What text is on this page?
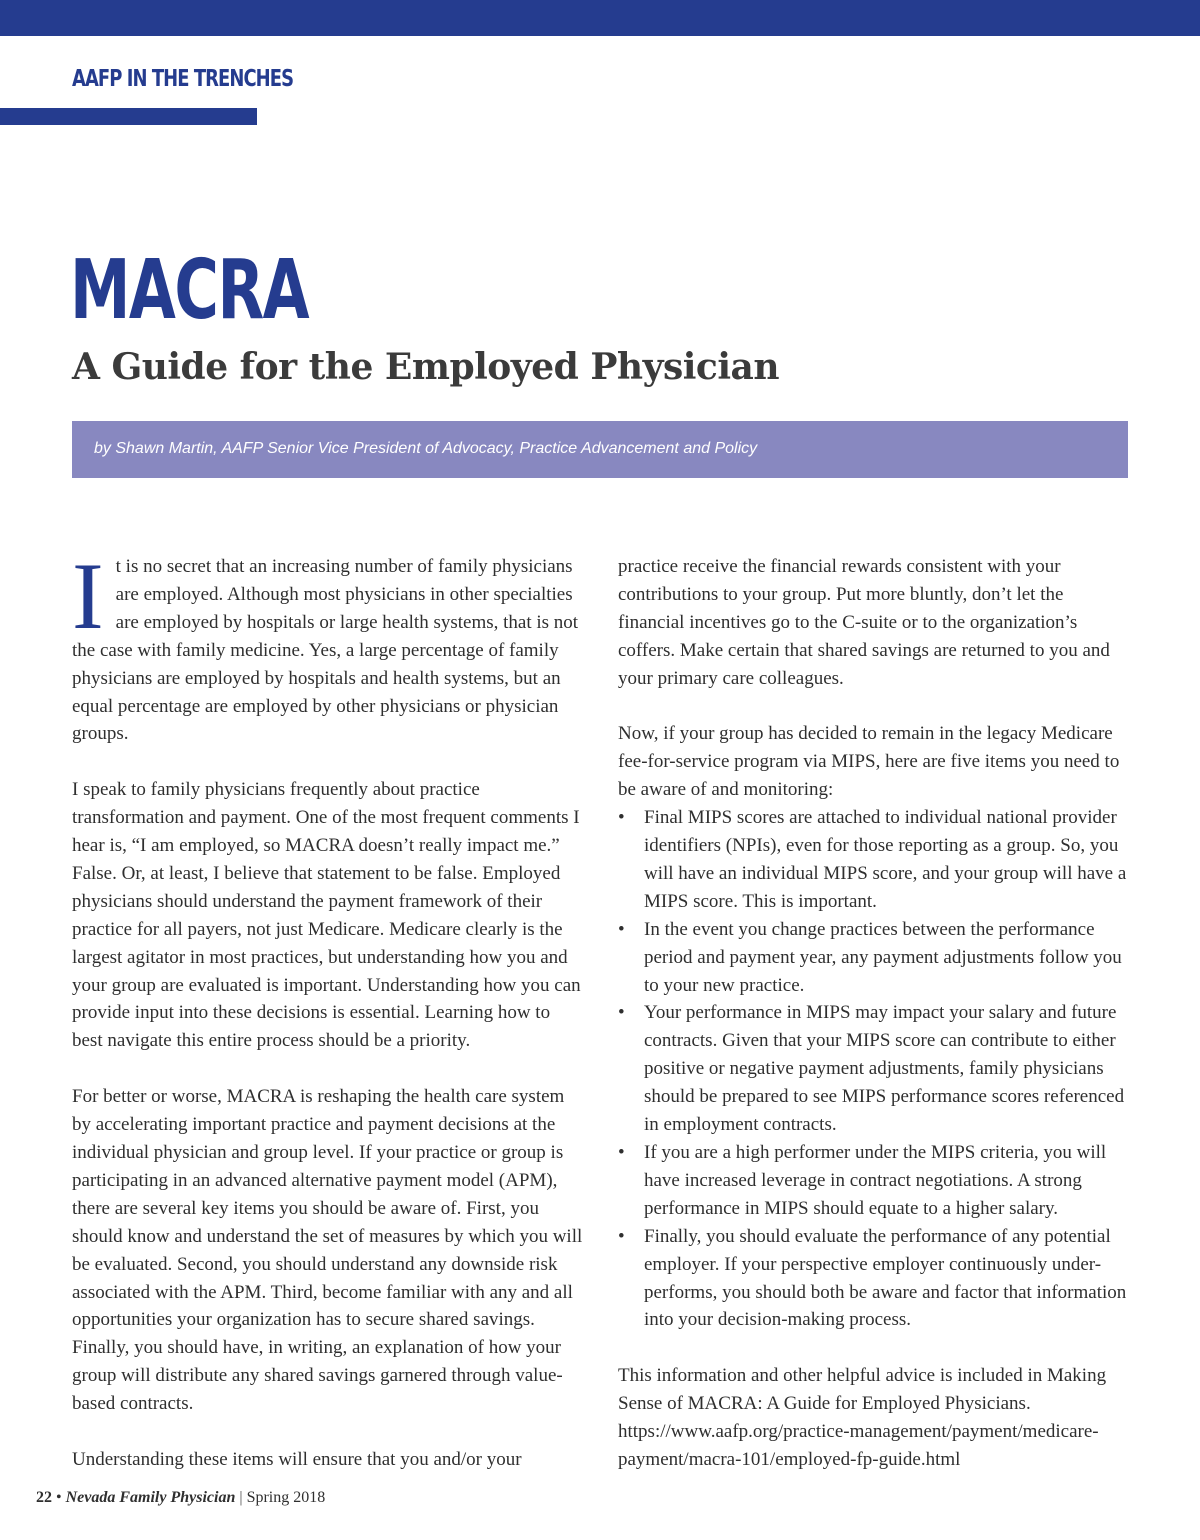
AAFP IN THE TRENCHES
MACRA
A Guide for the Employed Physician
by Shawn Martin, AAFP Senior Vice President of Advocacy, Practice Advancement and Policy

It is no secret that an increasing number of family physicians are employed. Although most physicians in other specialties are employed by hospitals or large health systems, that is not the case with family medicine. Yes, a large percentage of family physicians are employed by hospitals and health systems, but an equal percentage are employed by other physicians or physician groups.

I speak to family physicians frequently about practice transformation and payment. One of the most frequent comments I hear is, “I am employed, so MACRA doesn’t really impact me.” False. Or, at least, I believe that statement to be false. Employed physicians should understand the payment framework of their practice for all payers, not just Medicare. Medicare clearly is the largest agitator in most practices, but understanding how you and your group are evaluated is important. Understanding how you can provide input into these decisions is essential. Learning how to best navigate this entire process should be a priority.

For better or worse, MACRA is reshaping the health care system by accelerating important practice and payment decisions at the individual physician and group level. If your practice or group is participating in an advanced alternative payment model (APM), there are several key items you should be aware of. First, you should know and understand the set of measures by which you will be evaluated. Second, you should understand any downside risk associated with the APM. Third, become familiar with any and all opportunities your organization has to secure shared savings. Finally, you should have, in writing, an explanation of how your group will distribute any shared savings garnered through value-based contracts.

Understanding these items will ensure that you and/or your

practice receive the financial rewards consistent with your contributions to your group. Put more bluntly, don’t let the financial incentives go to the C-suite or to the organization’s coffers. Make certain that shared savings are returned to you and your primary care colleagues.

Now, if your group has decided to remain in the legacy Medicare fee-for-service program via MIPS, here are five items you need to be aware of and monitoring:

• Final MIPS scores are attached to individual national provider identifiers (NPIs), even for those reporting as a group. So, you will have an individual MIPS score, and your group will have a MIPS score. This is important.
• In the event you change practices between the performance period and payment year, any payment adjustments follow you to your new practice.
• Your performance in MIPS may impact your salary and future contracts. Given that your MIPS score can contribute to either positive or negative payment adjustments, family physicians should be prepared to see MIPS performance scores referenced in employment contracts.
• If you are a high performer under the MIPS criteria, you will have increased leverage in contract negotiations. A strong performance in MIPS should equate to a higher salary.
• Finally, you should evaluate the performance of any potential employer. If your perspective employer continuously under-performs, you should both be aware and factor that information into your decision-making process.

This information and other helpful advice is included in Making Sense of MACRA: A Guide for Employed Physicians. https://www.aafp.org/practice-management/payment/medicare-payment/macra-101/employed-fp-guide.html

22 • Nevada Family Physician | Spring 2018
